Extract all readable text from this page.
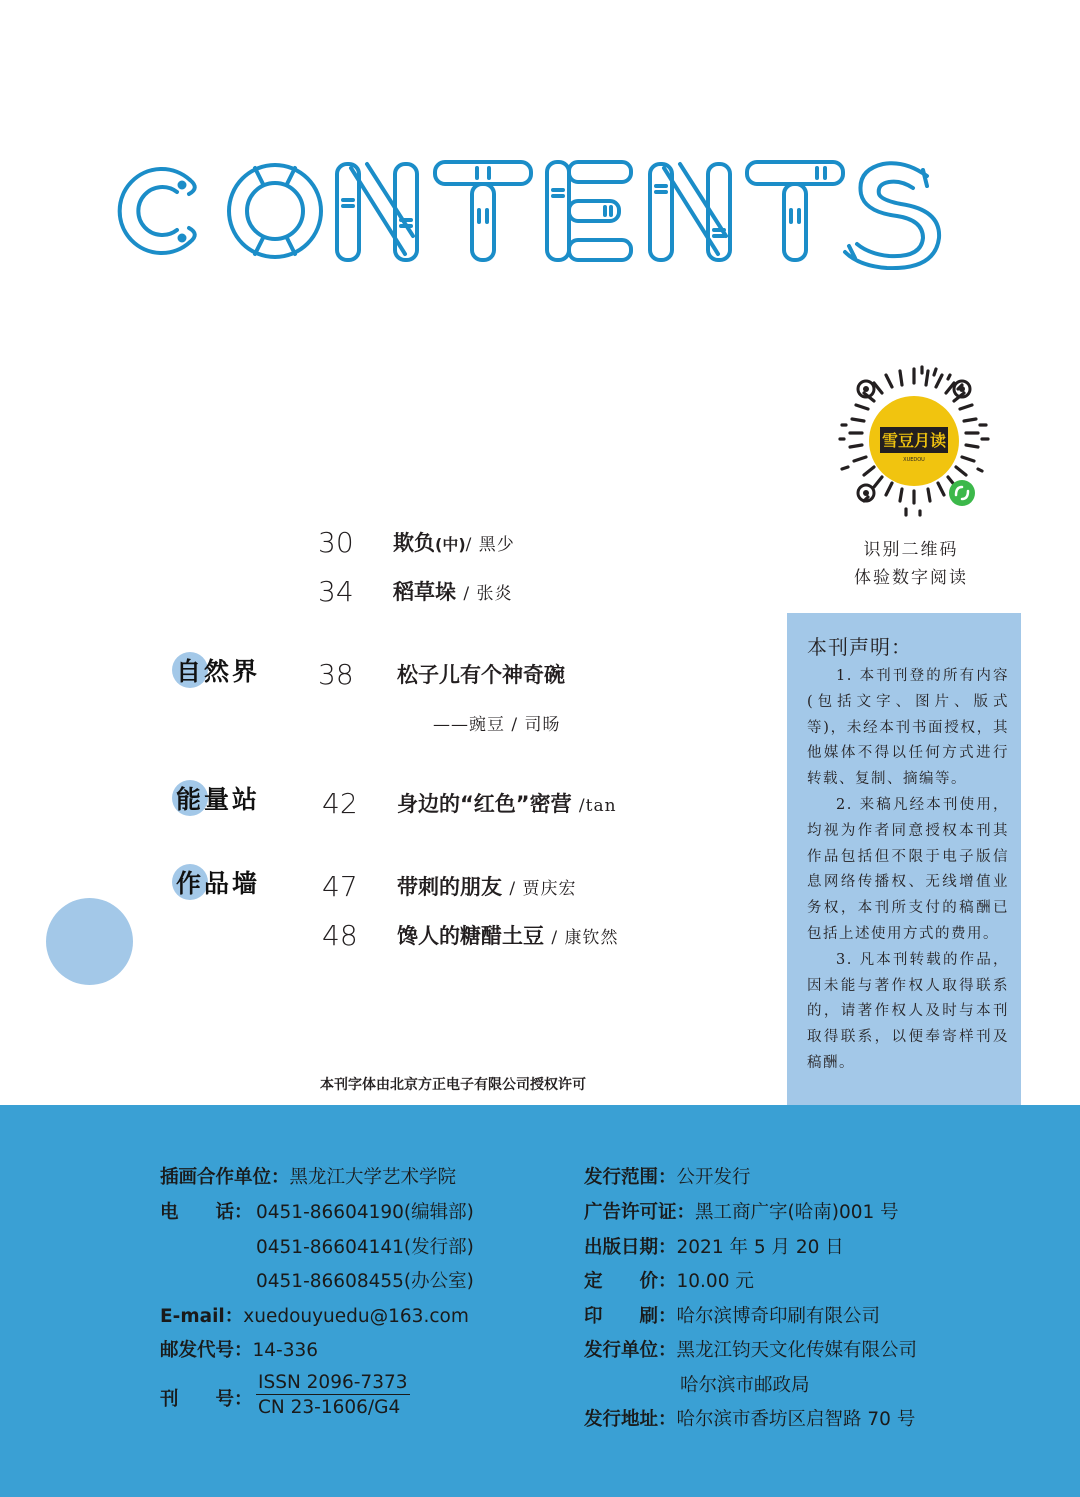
雪豆月读
XUEDOU
识别二维码
体验数字阅读
30 欺负(中)/ 黑少
34 稻草垛 / 张炎
自然界 38 松子儿有个神奇碗
——豌豆 / 司旸
能量站 42 身边的“红色”密营 /tan
作品墙 47 带刺的朋友 / 贾庆宏
48 馋人的糖醋土豆 / 康钦然
本刊声明：

1. 本刊刊登的所有内容(包括文字、图片、版式等)，未经本刊书面授权，其他媒体不得以任何方式进行转载、复制、摘编等。

2. 来稿凡经本刊使用，均视为作者同意授权本刊其作品包括但不限于电子版信息网络传播权、无线增值业务权，本刊所支付的稿酬已包括上述使用方式的费用。

3. 凡本刊转载的作品，因未能与著作权人取得联系的，请著作权人及时与本刊取得联系，以便奉寄样刊及稿酬。

本刊字体由北京方正电子有限公司授权许可
插画合作单位：黑龙江大学艺术学院
电　　话： 0451-86604190(编辑部)
0451-86604141(发行部)
0451-86608455(办公室)
E-mail：xuedouyuedu@163.com
邮发代号：14-336
刊　　号：
ISSN 2096-7373
CN 23-1606/G4
发行范围：公开发行
广告许可证：黑工商广字(哈南)001 号
出版日期：2021 年 5 月 20 日
定　　价：10.00 元
印　　刷：哈尔滨博奇印刷有限公司
发行单位：黑龙江钧天文化传媒有限公司
哈尔滨市邮政局
发行地址：哈尔滨市香坊区启智路 70 号
